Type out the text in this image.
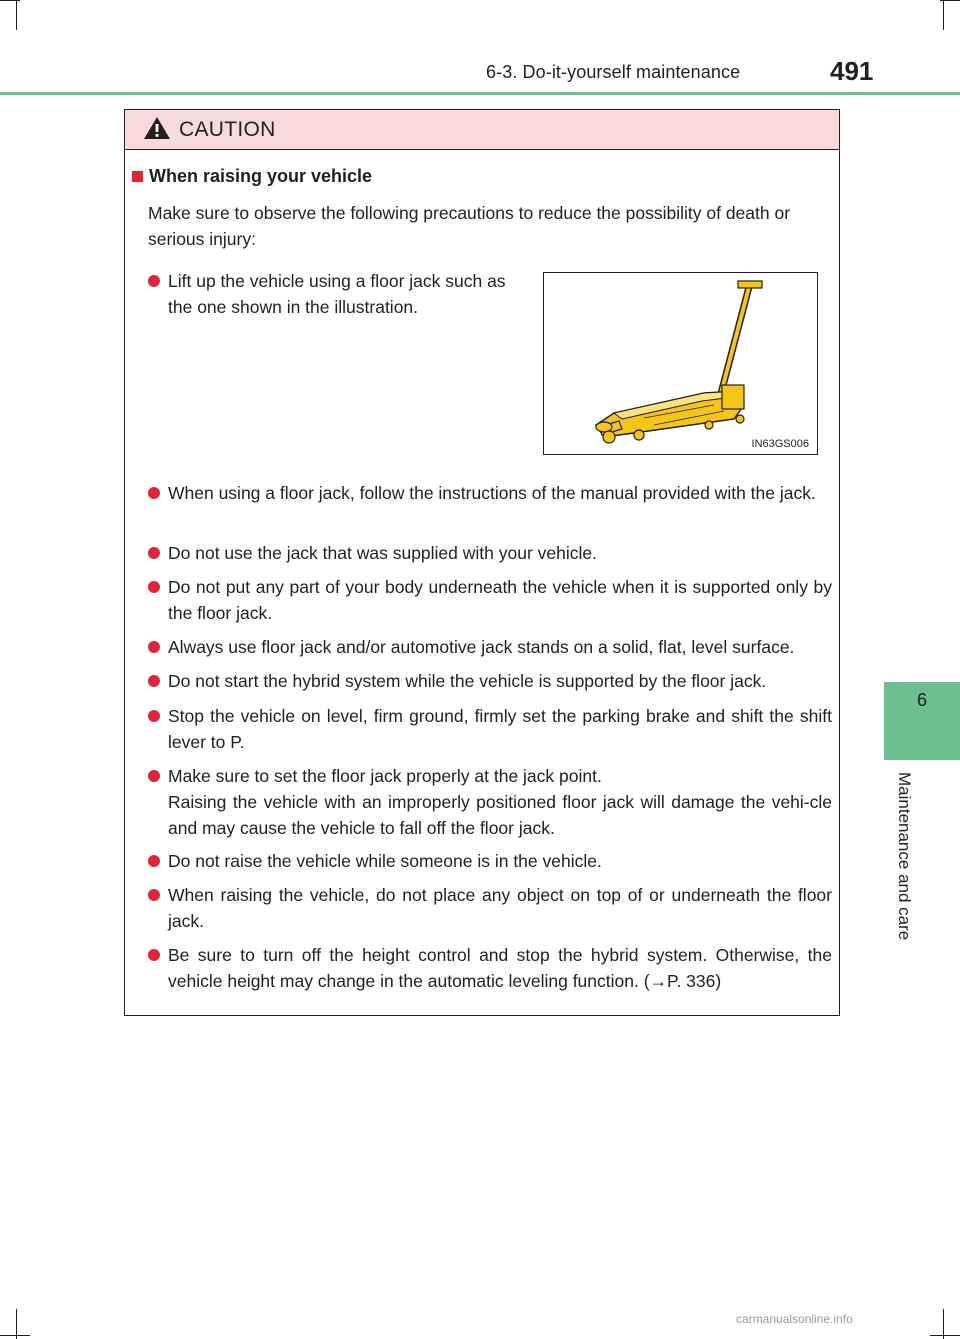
6-3. Do-it-yourself maintenance	491
6
Maintenance and care
CAUTION
When raising your vehicle
Make sure to observe the following precautions to reduce the possibility of death or serious injury:
Lift up the vehicle using a floor jack such as the one shown in the illustration.
IN63GS006
When using a floor jack, follow the instructions of the manual provided with the jack.
Do not use the jack that was supplied with your vehicle.
Do not put any part of your body underneath the vehicle when it is supported only by the floor jack.
Always use floor jack and/or automotive jack stands on a solid, flat, level surface.
Do not start the hybrid system while the vehicle is supported by the floor jack.
Stop the vehicle on level, firm ground, firmly set the parking brake and shift the shift lever to P.
Make sure to set the floor jack properly at the jack point.
Raising the vehicle with an improperly positioned floor jack will damage the vehi-cle and may cause the vehicle to fall off the floor jack.
Do not raise the vehicle while someone is in the vehicle.
When raising the vehicle, do not place any object on top of or underneath the floor jack.
Be sure to turn off the height control and stop the hybrid system. Otherwise, the vehicle height may change in the automatic leveling function. (→P. 336)
carmanualsonline.info
